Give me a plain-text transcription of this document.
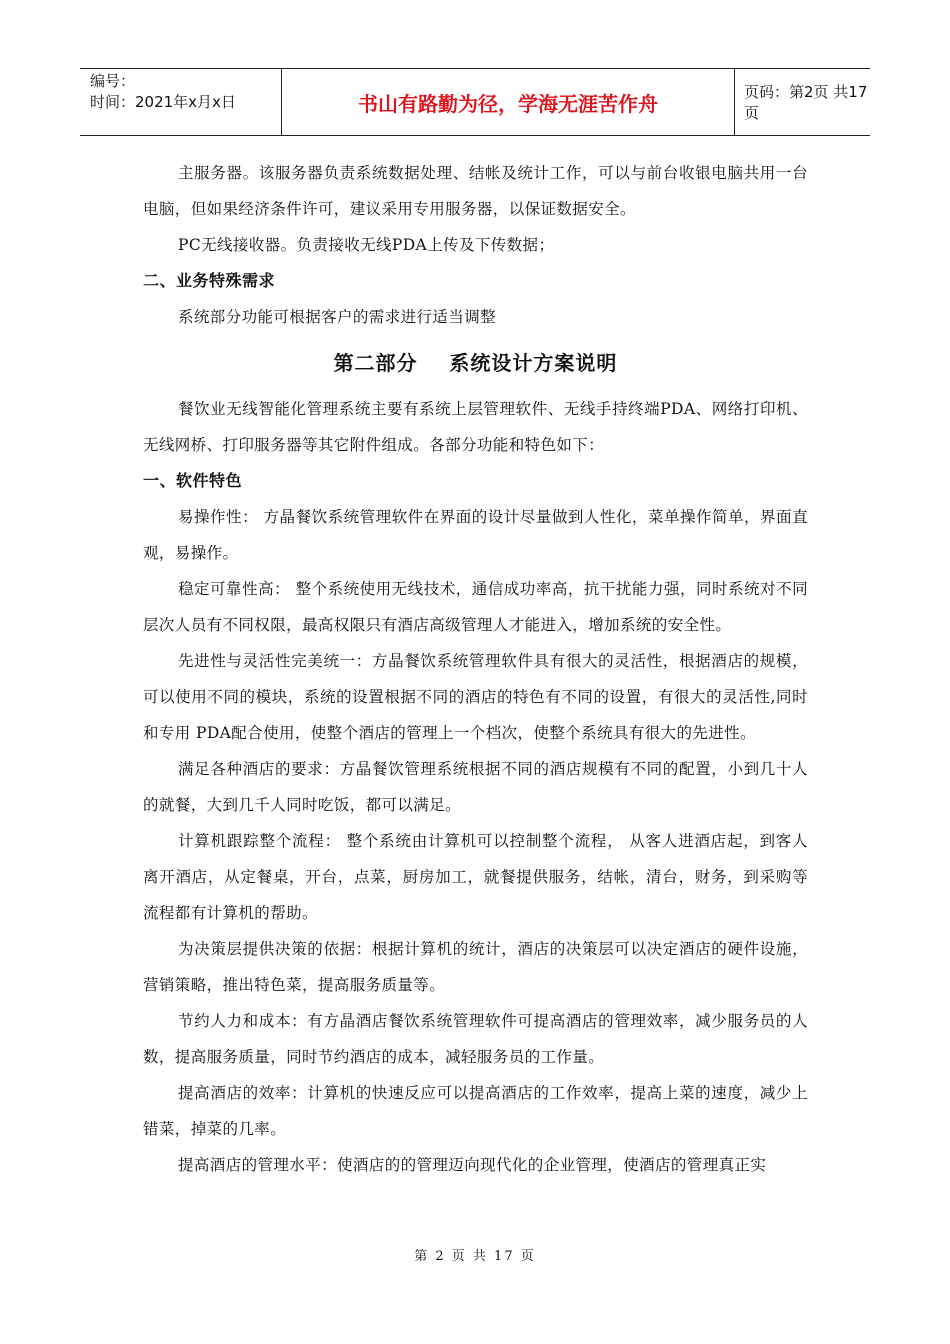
编号：
时间：2021年x月x日	书山有路勤为径，学海无涯苦作舟	页码：第2页 共17页

主服务器。该服务器负责系统数据处理、结帐及统计工作，可以与前台收银电脑共用一台电脑，但如果经济条件许可，建议采用专用服务器，以保证数据安全。

PC无线接收器。负责接收无线PDA上传及下传数据；

二、业务特殊需求

系统部分功能可根据客户的需求进行适当调整

第二部分    系统设计方案说明

餐饮业无线智能化管理系统主要有系统上层管理软件、无线手持终端PDA、网络打印机、无线网桥、打印服务器等其它附件组成。各部分功能和特色如下：

一、软件特色

易操作性： 方晶餐饮系统管理软件在界面的设计尽量做到人性化，菜单操作简单，界面直观，易操作。

稳定可靠性高： 整个系统使用无线技术，通信成功率高，抗干扰能力强，同时系统对不同层次人员有不同权限，最高权限只有酒店高级管理人才能进入，增加系统的安全性。

先进性与灵活性完美统一：方晶餐饮系统管理软件具有很大的灵活性，根据酒店的规模，可以使用不同的模块，系统的设置根据不同的酒店的特色有不同的设置，有很大的灵活性,同时和专用 PDA配合使用，使整个酒店的管理上一个档次，使整个系统具有很大的先进性。

满足各种酒店的要求：方晶餐饮管理系统根据不同的酒店规模有不同的配置，小到几十人的就餐，大到几千人同时吃饭，都可以满足。

计算机跟踪整个流程： 整个系统由计算机可以控制整个流程， 从客人进酒店起，到客人离开酒店，从定餐桌，开台，点菜，厨房加工，就餐提供服务，结帐，清台，财务，到采购等流程都有计算机的帮助。

为决策层提供决策的依据：根据计算机的统计，酒店的决策层可以决定酒店的硬件设施，营销策略，推出特色菜，提高服务质量等。

节约人力和成本：有方晶酒店餐饮系统管理软件可提高酒店的管理效率，减少服务员的人数，提高服务质量，同时节约酒店的成本，减轻服务员的工作量。

提高酒店的效率：计算机的快速反应可以提高酒店的工作效率，提高上菜的速度，减少上错菜，掉菜的几率。

提高酒店的管理水平：使酒店的的管理迈向现代化的企业管理，使酒店的管理真正实

第 2 页 共 17 页
